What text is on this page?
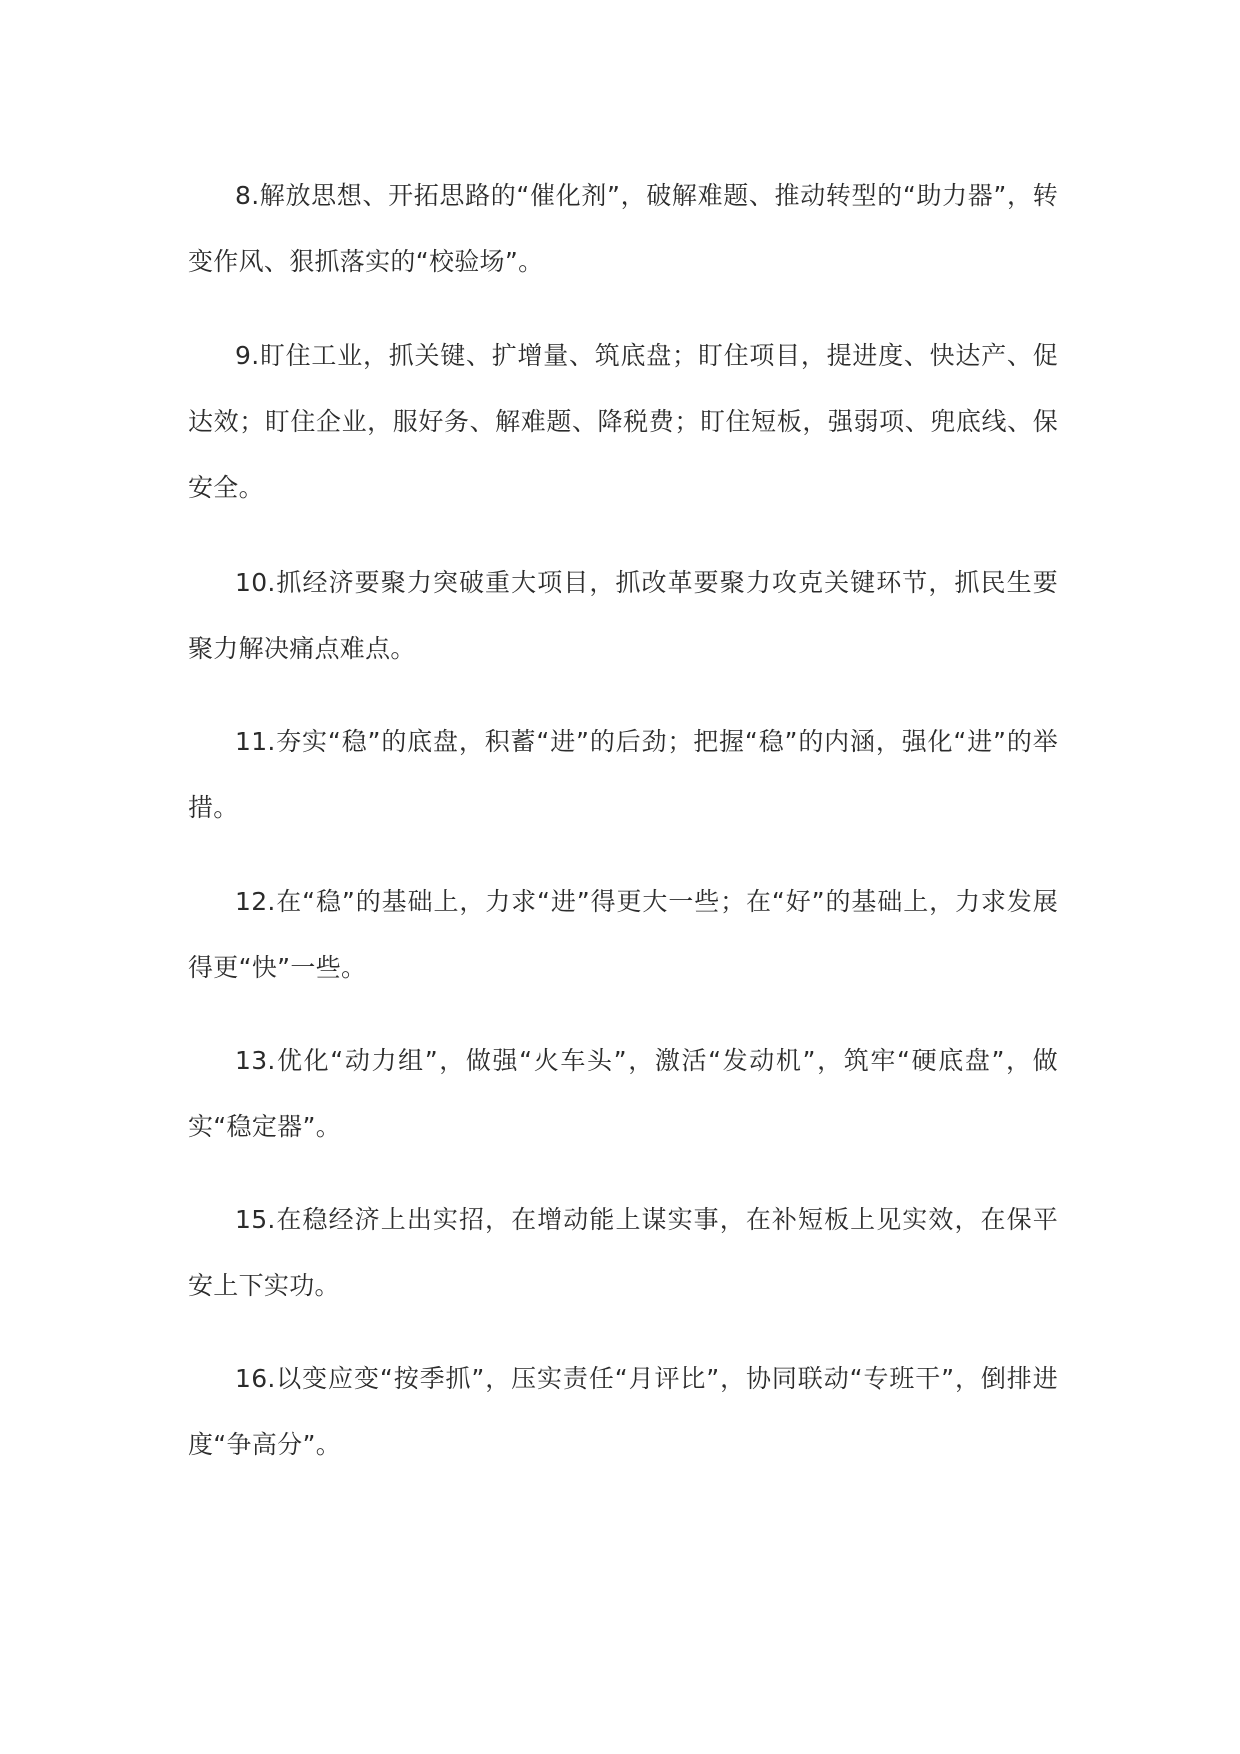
8.解放思想、开拓思路的“催化剂”，破解难题、推动转型的“助力器”，转变作风、狠抓落实的“校验场”。

9.盯住工业，抓关键、扩增量、筑底盘；盯住项目，提进度、快达产、促达效；盯住企业，服好务、解难题、降税费；盯住短板，强弱项、兜底线、保安全。

10.抓经济要聚力突破重大项目，抓改革要聚力攻克关键环节，抓民生要聚力解决痛点难点。

11.夯实“稳”的底盘，积蓄“进”的后劲；把握“稳”的内涵，强化“进”的举措。

12.在“稳”的基础上，力求“进”得更大一些；在“好”的基础上，力求发展得更“快”一些。

13.优化“动力组”，做强“火车头”，激活“发动机”，筑牢“硬底盘”，做实“稳定器”。

15.在稳经济上出实招，在增动能上谋实事，在补短板上见实效，在保平安上下实功。

16.以变应变“按季抓”，压实责任“月评比”，协同联动“专班干”，倒排进度“争高分”。
